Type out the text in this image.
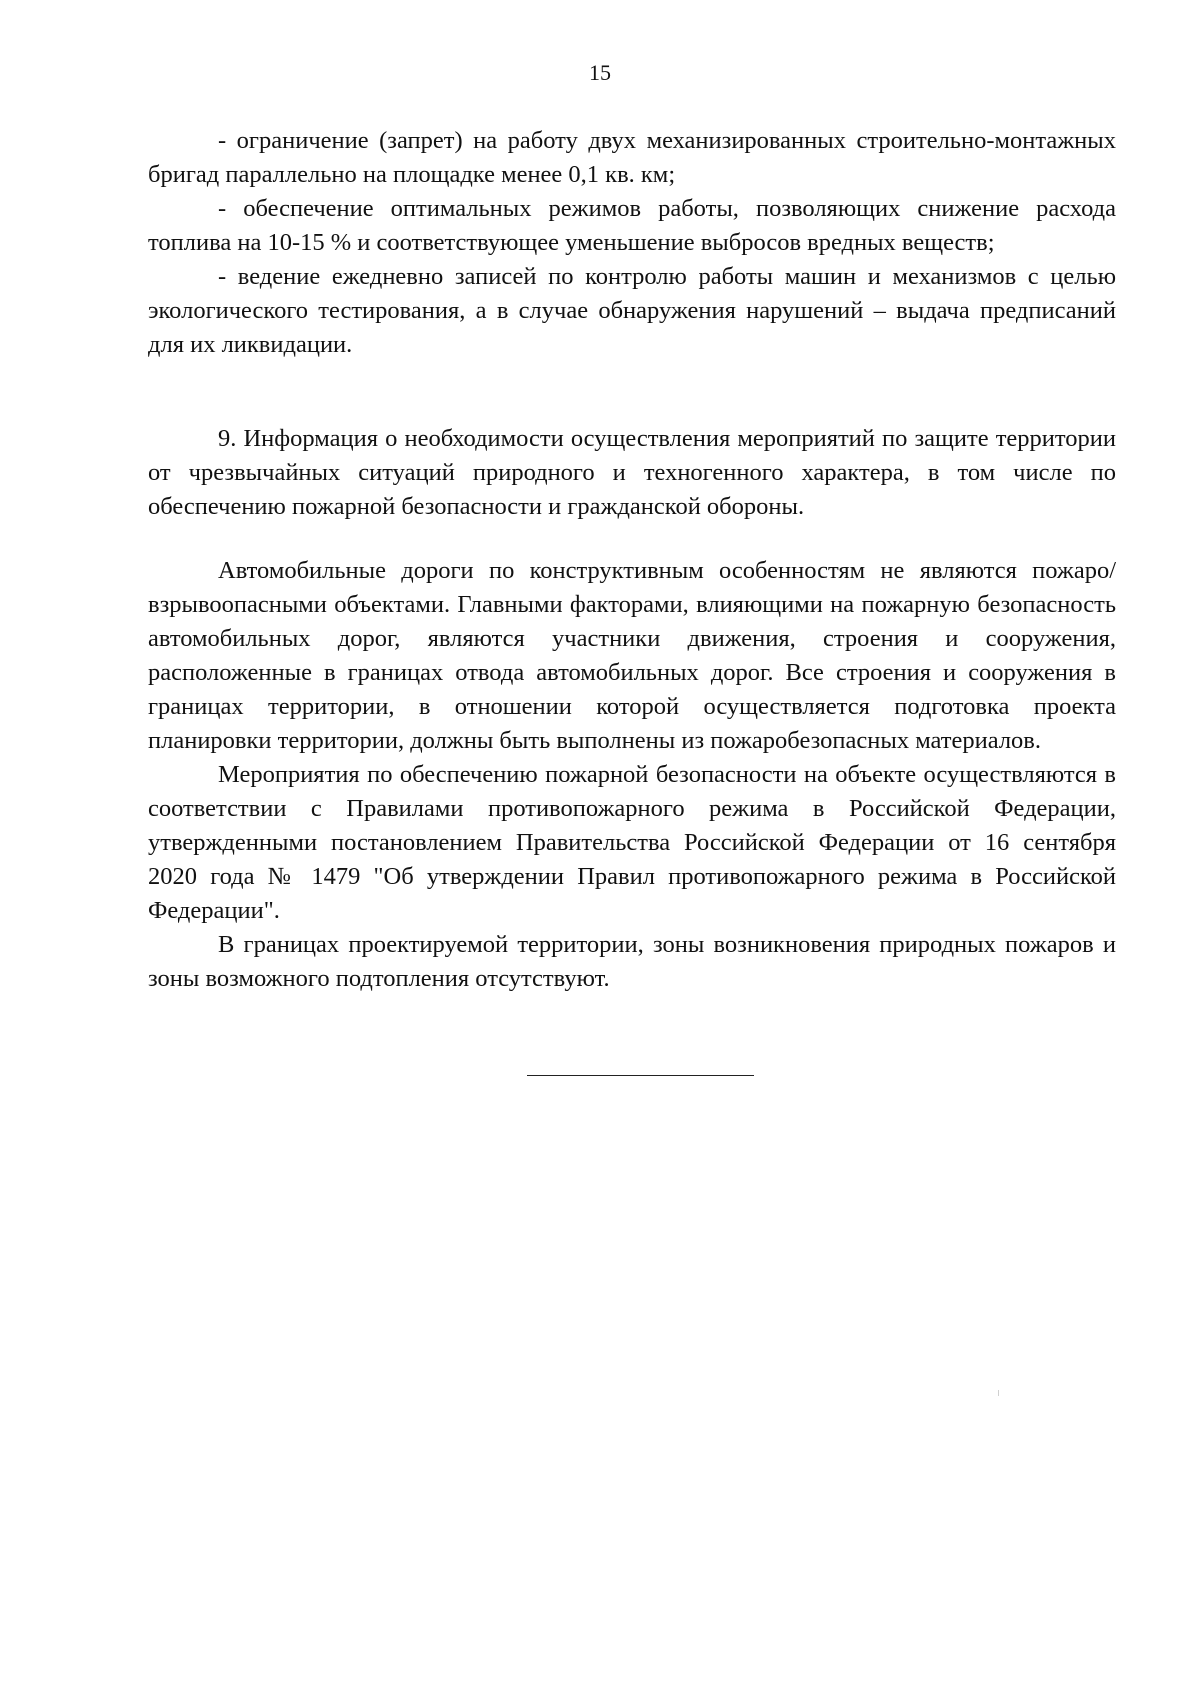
15

- ограничение (запрет) на работу двух механизированных строительно-монтажных бригад параллельно на площадке менее 0,1 кв. км;

- обеспечение оптимальных режимов работы, позволяющих снижение расхода топлива на 10-15 % и соответствующее уменьшение выбросов вредных веществ;

- ведение ежедневно записей по контролю работы машин и механизмов с целью экологического тестирования, а в случае обнаружения нарушений – выдача предписаний для их ликвидации.

9. Информация о необходимости осуществления мероприятий по защите территории от чрезвычайных ситуаций природного и техногенного характера, в том числе по обеспечению пожарной безопасности и гражданской обороны.

Автомобильные дороги по конструктивным особенностям не являются пожаро/взрывоопасными объектами. Главными факторами, влияющими на пожарную безопасность автомобильных дорог, являются участники движения, строения и сооружения, расположенные в границах отвода автомобильных дорог. Все строения и сооружения в границах территории, в отношении которой осуществляется подготовка проекта планировки территории, должны быть выполнены из пожаробезопасных материалов.

Мероприятия по обеспечению пожарной безопасности на объекте осуществляются в соответствии с Правилами противопожарного режима в Российской Федерации, утвержденными постановлением Правительства Российской Федерации от 16 сентября 2020 года № 1479 "Об утверждении Правил противопожарного режима в Российской Федерации".

В границах проектируемой территории, зоны возникновения природных пожаров и зоны возможного подтопления отсутствуют.
